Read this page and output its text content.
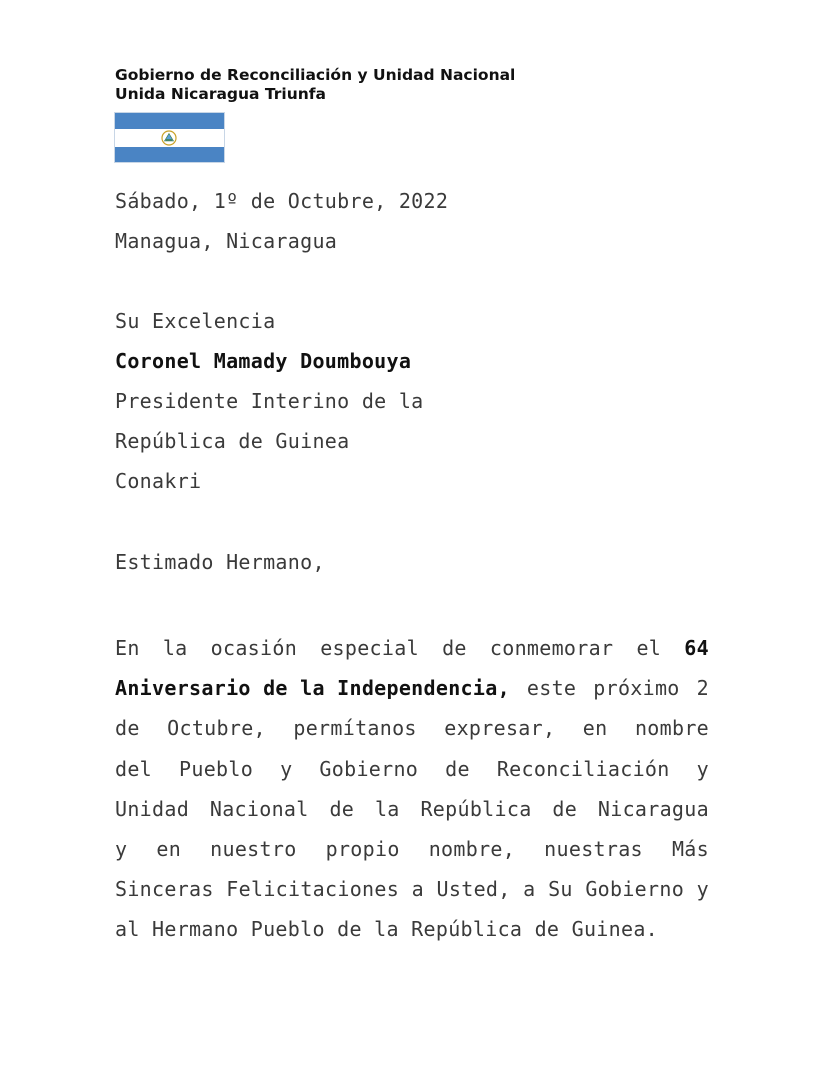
Gobierno de Reconciliación y Unidad Nacional
Unida Nicaragua Triunfa
Sábado, 1º de Octubre, 2022
Managua, Nicaragua
Su Excelencia
Coronel Mamady Doumbouya
Presidente Interino de la
República de Guinea
Conakri
Estimado Hermano,
En la ocasión especial de conmemorar el 64
Aniversario de la Independencia, este próximo 2
de Octubre, permítanos expresar, en nombre
del Pueblo y Gobierno de Reconciliación y
Unidad Nacional de la República de Nicaragua
y en nuestro propio nombre, nuestras Más
Sinceras Felicitaciones a Usted, a Su Gobierno y
al Hermano Pueblo de la República de Guinea.
